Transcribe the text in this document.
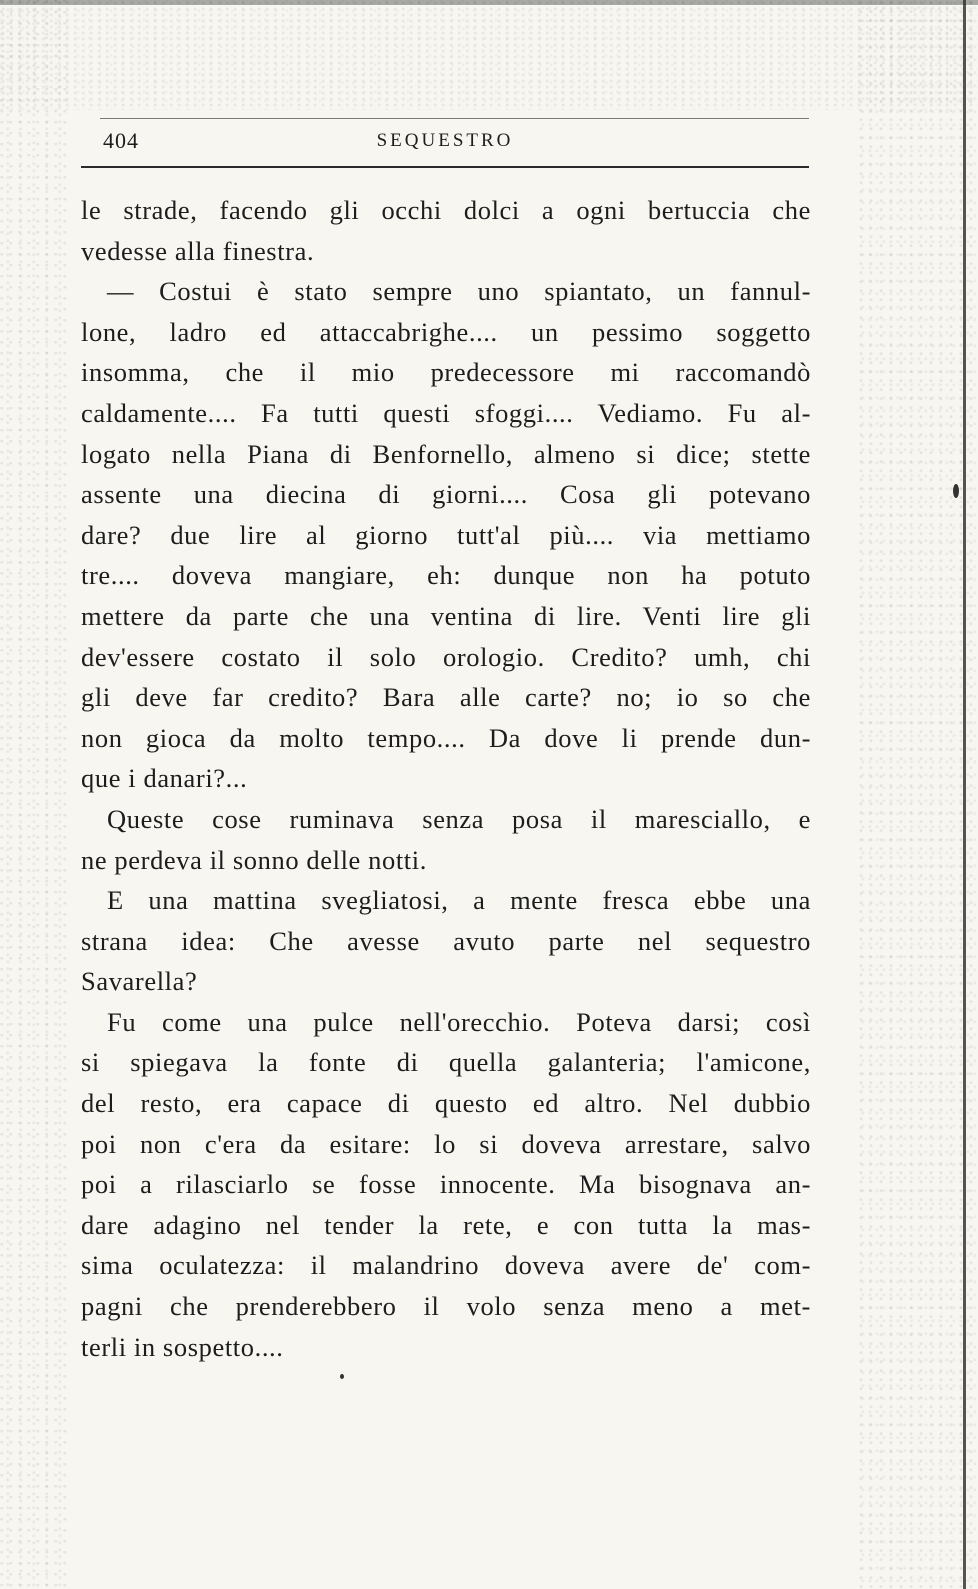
404	SEQUESTRO
le strade, facendo gli occhi dolci a ogni bertuccia che
vedesse alla finestra.
— Costui è stato sempre uno spiantato, un fannul-
lone, ladro ed attaccabrighe.... un pessimo soggetto
insomma, che il mio predecessore mi raccomandò
caldamente.... Fa tutti questi sfoggi.... Vediamo. Fu al-
logato nella Piana di Benfornello, almeno si dice; stette
assente una diecina di giorni.... Cosa gli potevano
dare? due lire al giorno tutt'al più.... via mettiamo
tre.... doveva mangiare, eh: dunque non ha potuto
mettere da parte che una ventina di lire. Venti lire gli
dev'essere costato il solo orologio. Credito? umh, chi
gli deve far credito? Bara alle carte? no; io so che
non gioca da molto tempo.... Da dove li prende dun-
que i danari?...
Queste cose ruminava senza posa il maresciallo, e
ne perdeva il sonno delle notti.
E una mattina svegliatosi, a mente fresca ebbe una
strana idea: Che avesse avuto parte nel sequestro
Savarella?
Fu come una pulce nell'orecchio. Poteva darsi; così
si spiegava la fonte di quella galanteria; l'amicone,
del resto, era capace di questo ed altro. Nel dubbio
poi non c'era da esitare: lo si doveva arrestare, salvo
poi a rilasciarlo se fosse innocente. Ma bisognava an-
dare adagino nel tender la rete, e con tutta la mas-
sima oculatezza: il malandrino doveva avere de' com-
pagni che prenderebbero il volo senza meno a met-
terli in sospetto....
